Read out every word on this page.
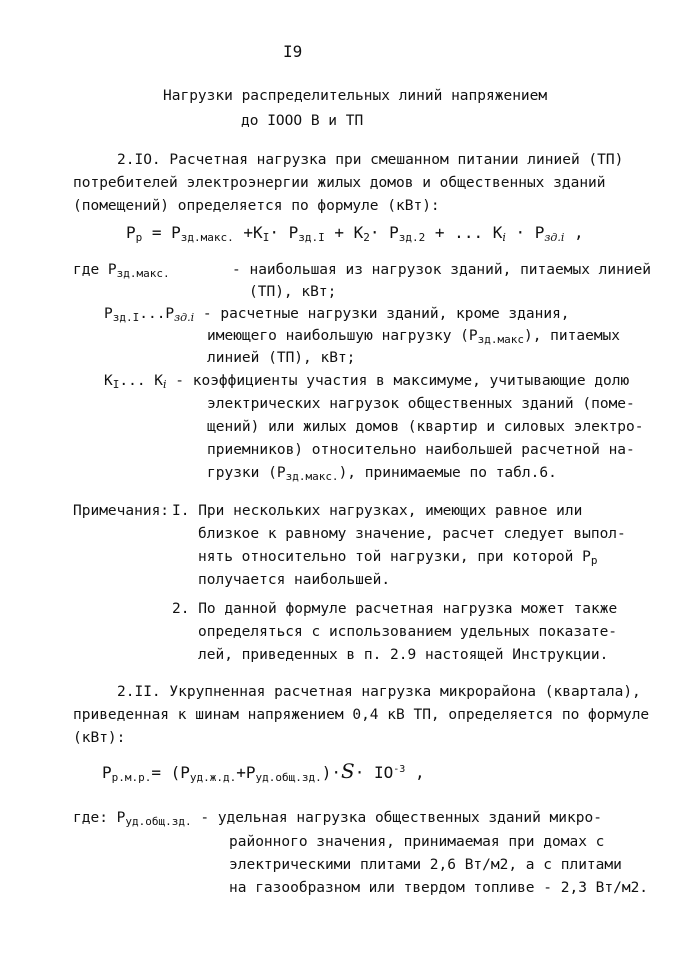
I9
Нагрузки распределительных линий напряжением
до IOOO В и ТП
2.IO. Расчетная нагрузка при смешанном питании линией (ТП)
потребителей электроэнергии жилых домов и общественных зданий
(помещений) определяется по формуле (кВт):
$P_р = P_{зд.макс.} +K_I\cdot P_{зд.I} + K_2\cdot P_{зд.2}$ + ... $K_i \cdot P_{зд.i}$ ,
где $P_{зд.макс.}$	- наибольшая из нагрузок зданий, питаемых линией
(ТП), кВт;
$P_{зд.I}...P_{зд.i}$ - расчетные нагрузки зданий, кроме здания,
имеющего наибольшую нагрузку $(P_{зд.макс})$, питаемых
линией (ТП), кВт;
$K_I$... $K_i$ - коэффициенты участия в максимуме, учитывающие долю
электрических нагрузок общественных зданий (поме-
щений) или жилых домов (квартир и силовых электро-
приемников) относительно наибольшей расчетной на-
грузки $(P_{зд.макс.})$, принимаемые по табл.6.
Примечания: I. При нескольких нагрузках, имеющих равное или
близкое к равному значение, расчет следует выпол-
нять относительно той нагрузки, при которой $P_р$
получается наибольшей.
2. По данной формуле расчетная нагрузка может также
определяться с использованием удельных показате-
лей, приведенных в п. 2.9 настоящей Инструкции.
2.II. Укрупненная расчетная нагрузка микрорайона (квартала),
приведенная к шинам напряжением 0,4 кВ ТП, определяется по формуле
(кВт):
$P_{р.м.р.}= (P_{уд.ж.д.}+P_{уд.общ.зд.})\cdot S\cdot IO^{-3}$ ,
где: $P_{уд.общ.зд.}$ - удельная нагрузка общественных зданий микро-
районного значения, принимаемая при домах с
электрическими плитами 2,6 Вт/м2, а с плитами
на газообразном или твердом топливе - 2,3 Вт/м2.
